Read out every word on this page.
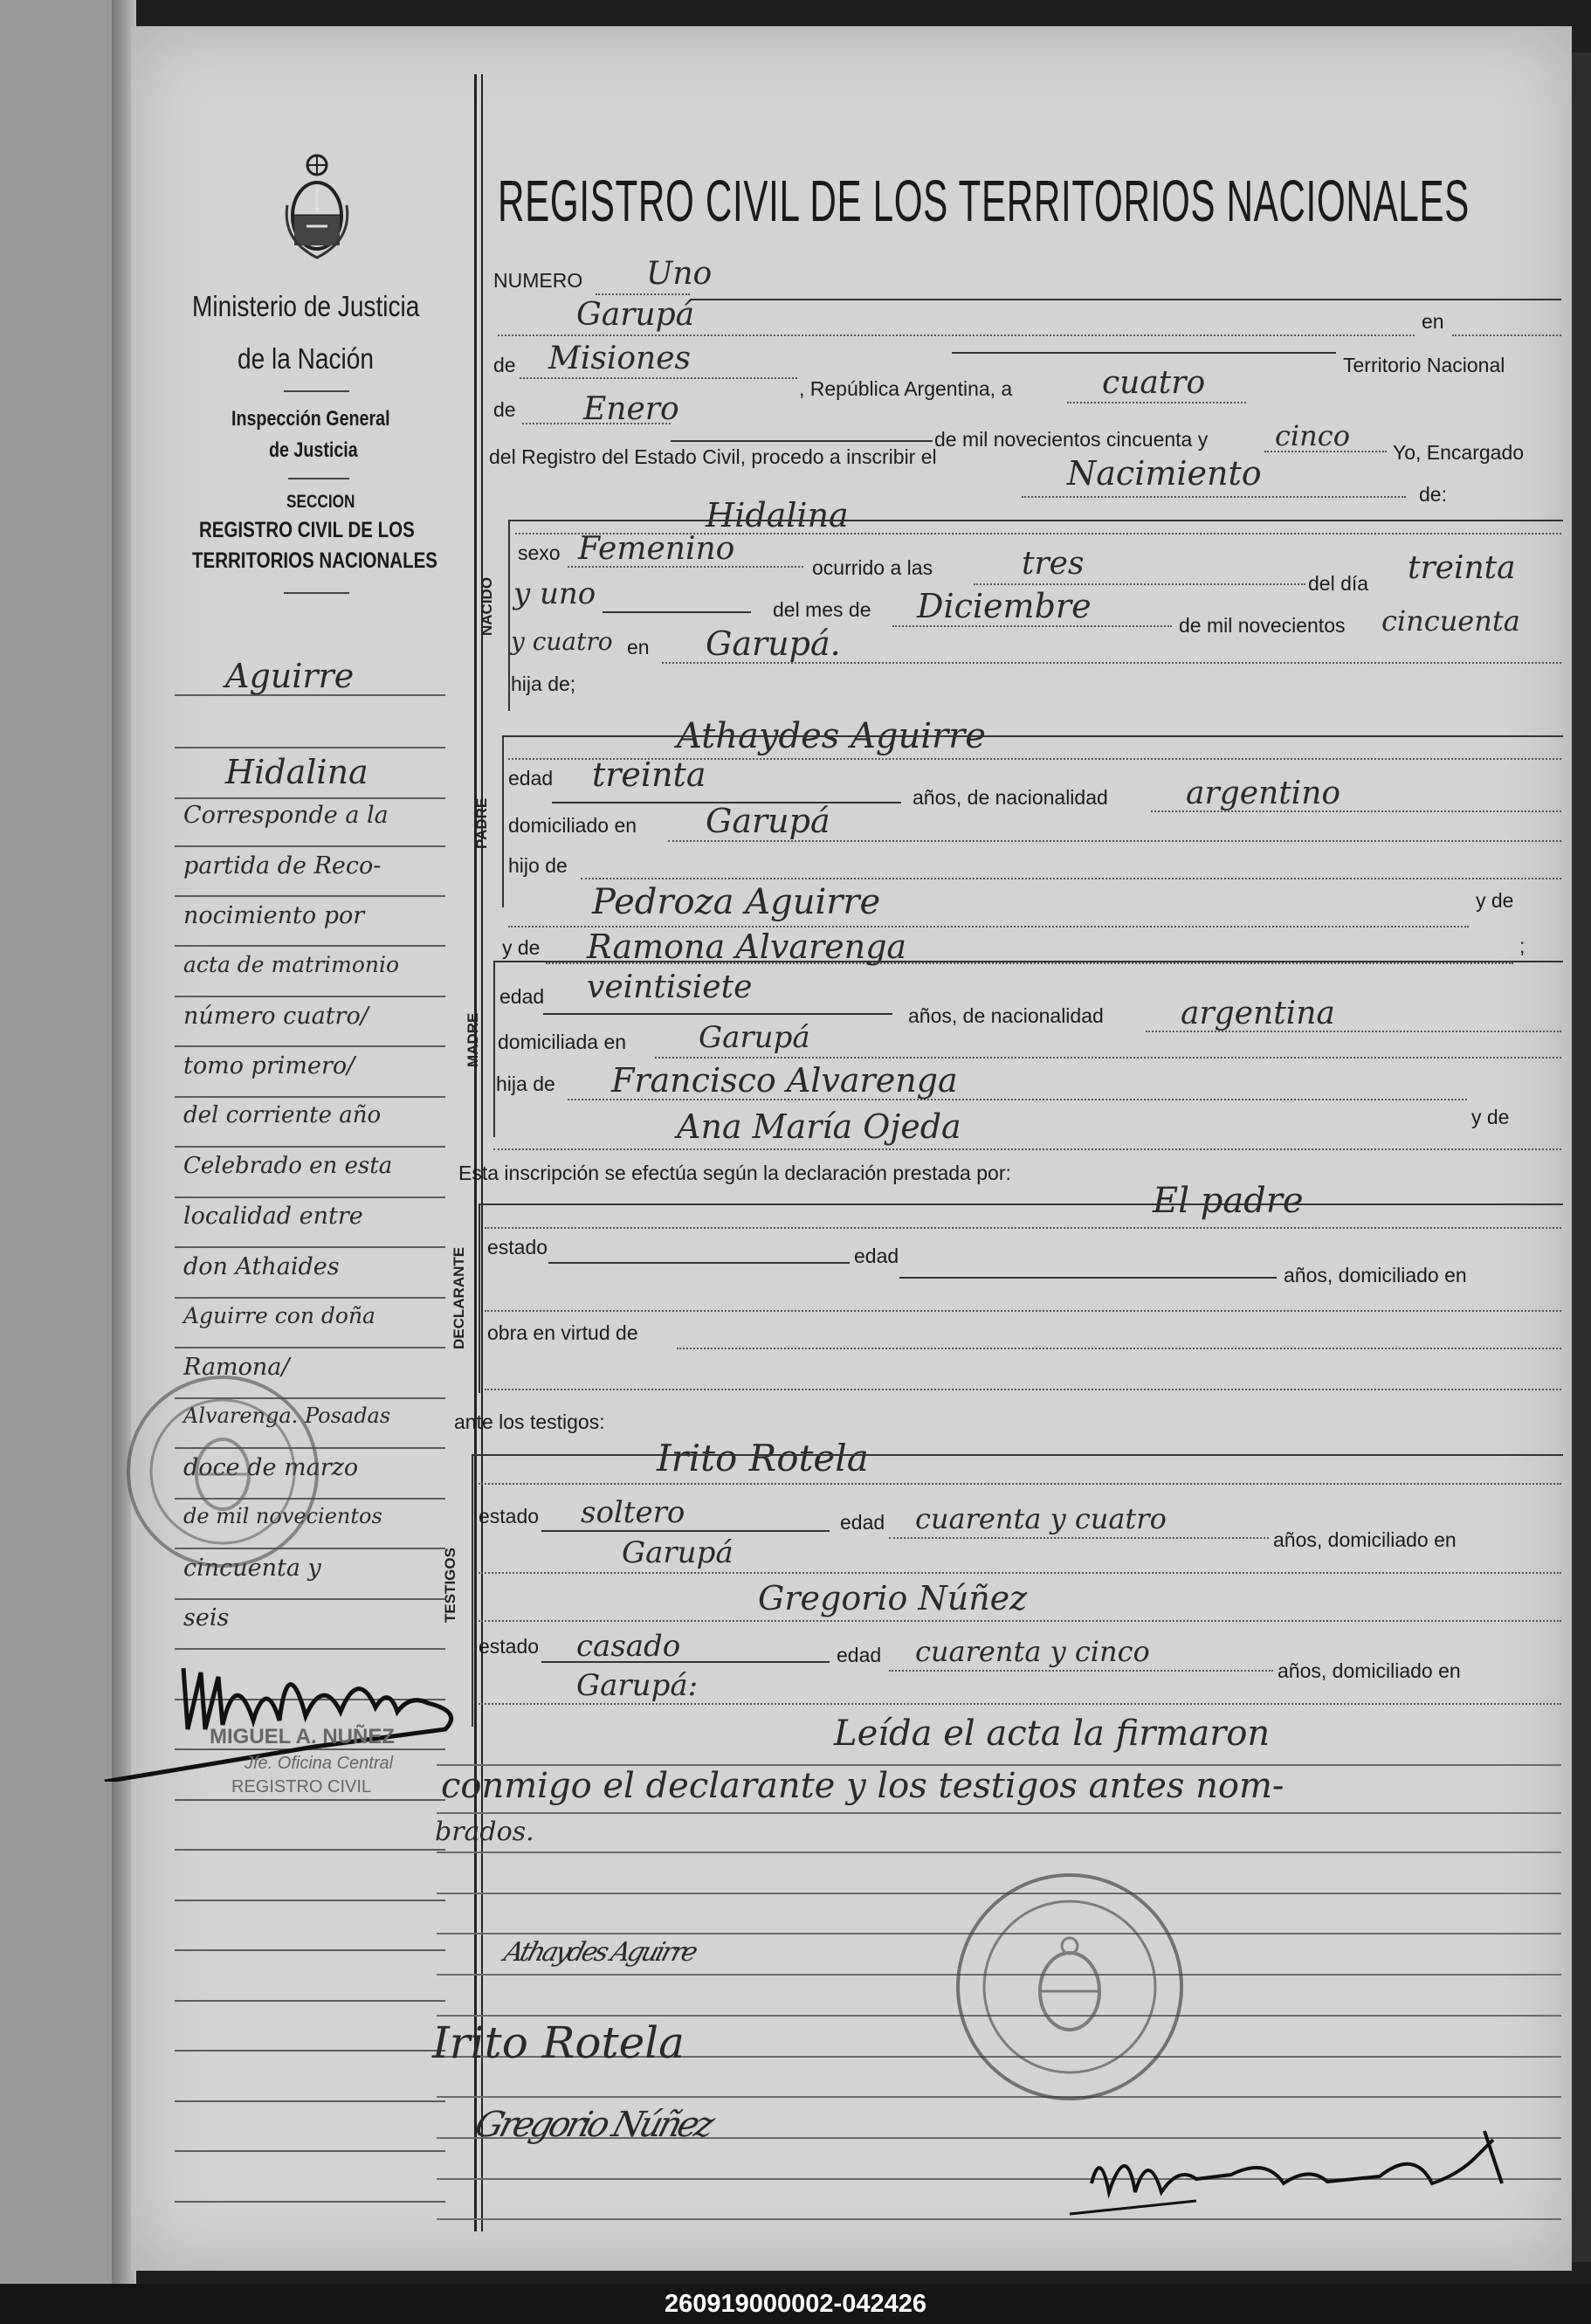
Ministerio de Justicia
de la Nación
Inspección General
de Justicia
SECCION
REGISTRO CIVIL DE LOS
TERRITORIOS NACIONALES
Aguirre
Hidalina
Corresponde a la
partida de Reco-
nocimiento por
acta de matrimonio
número cuatro/
tomo primero/
del corriente año
Celebrado en esta
localidad entre
don Athaides
Aguirre con doña
Ramona/
Alvarenga. Posadas
doce de marzo
de mil novecientos
cincuenta y
seis
MIGUEL A. NUÑEZ
Jfe. Oficina Central
REGISTRO CIVIL
REGISTRO CIVIL DE LOS TERRITORIOS NACIONALES
NUMERO Uno
Garupá	en
de Misiones
, República Argentina, a	cuatro	Territorio Nacional
de Enero
de mil novecientos cincuenta y cinco Yo, Encargado
del Registro del Estado Civil, procedo a inscribir el	Nacimiento
de:
Hidalina
NACIDO
sexo Femenino
ocurrido a las	tres
del día treinta
y uno	del mes de Diciembre	de mil novecientos cincuenta
y cuatro en Garupá.
hija de;
Athaydes Aguirre
PADRE
edad treinta
años, de nacionalidad argentino
domiciliado en Garupá
hijo de
Pedroza Aguirre	y de
y de Ramona Alvarenga	;
MADRE
edad veintisiete
años, de nacionalidad argentina
domiciliada en Garupá
hija de Francisco Alvarenga
y de
Ana María Ojeda
Esta inscripción se efectúa según la declaración prestada por:
El padre
DECLARANTE estado	edad
años, domiciliado en
obra en virtud de
ante los testigos:
Irito Rotela
TESTIGOS
estado soltero	edad cuarenta y cuatro
años, domiciliado en
Garupá
Gregorio Núñez
estado casado	edad cuarenta y cinco
años, domiciliado en
Garupá:
Leída el acta la firmaron
conmigo el declarante y los testigos antes nom-
brados.
Athaydes Aguirre
Irito Rotela
Gregorio Núñez
260919000002-042426
